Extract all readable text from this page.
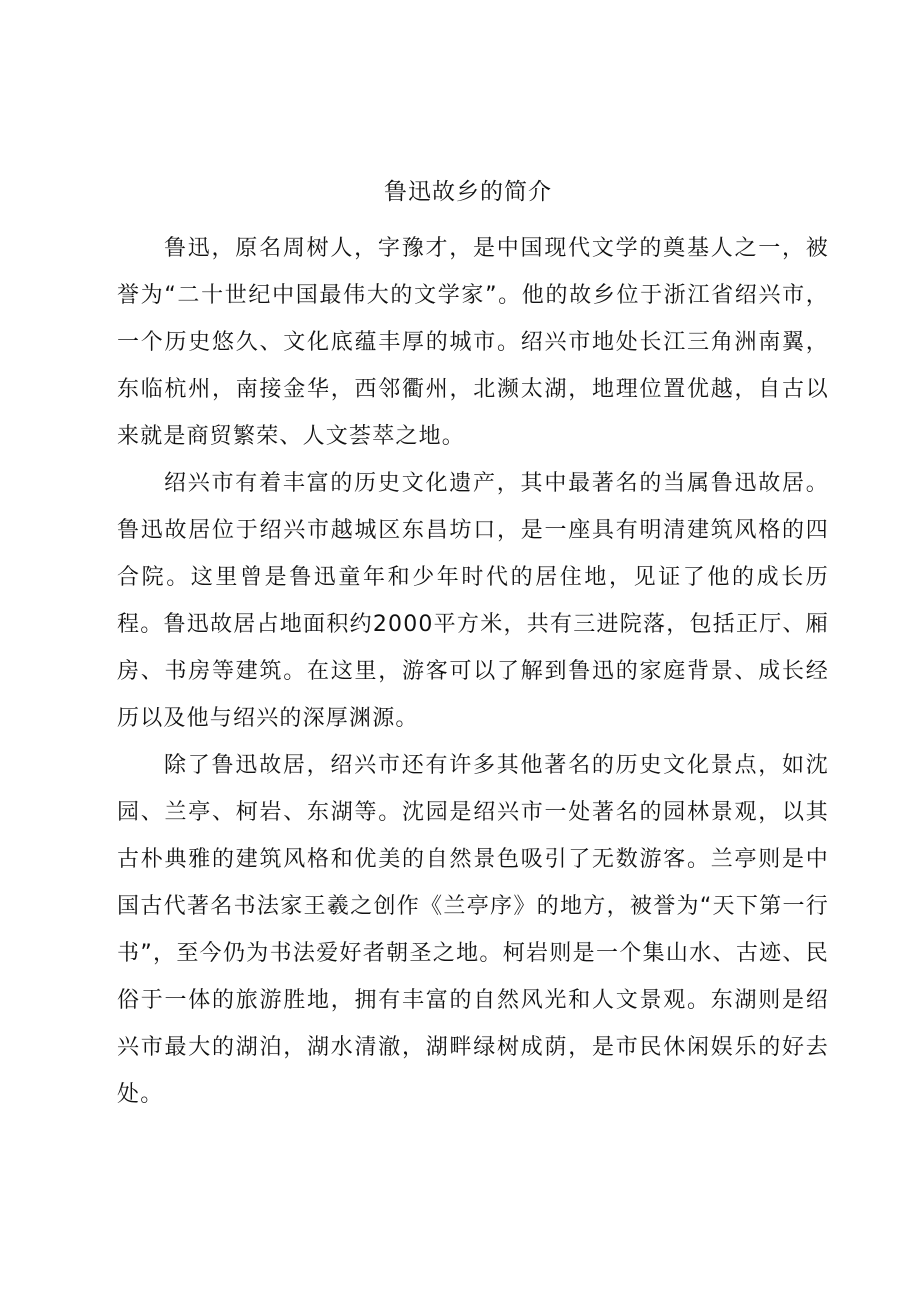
鲁迅故乡的简介

鲁迅，原名周树人，字豫才，是中国现代文学的奠基人之一，被誉为“二十世纪中国最伟大的文学家”。他的故乡位于浙江省绍兴市，一个历史悠久、文化底蕴丰厚的城市。绍兴市地处长江三角洲南翼，东临杭州，南接金华，西邻衢州，北濒太湖，地理位置优越，自古以来就是商贸繁荣、人文荟萃之地。

绍兴市有着丰富的历史文化遗产，其中最著名的当属鲁迅故居。鲁迅故居位于绍兴市越城区东昌坊口，是一座具有明清建筑风格的四合院。这里曾是鲁迅童年和少年时代的居住地，见证了他的成长历程。鲁迅故居占地面积约2000平方米，共有三进院落，包括正厅、厢房、书房等建筑。在这里，游客可以了解到鲁迅的家庭背景、成长经历以及他与绍兴的深厚渊源。

除了鲁迅故居，绍兴市还有许多其他著名的历史文化景点，如沈园、兰亭、柯岩、东湖等。沈园是绍兴市一处著名的园林景观，以其古朴典雅的建筑风格和优美的自然景色吸引了无数游客。兰亭则是中国古代著名书法家王羲之创作《兰亭序》的地方，被誉为“天下第一行书”，至今仍为书法爱好者朝圣之地。柯岩则是一个集山水、古迹、民俗于一体的旅游胜地，拥有丰富的自然风光和人文景观。东湖则是绍兴市最大的湖泊，湖水清澈，湖畔绿树成荫，是市民休闲娱乐的好去处。
